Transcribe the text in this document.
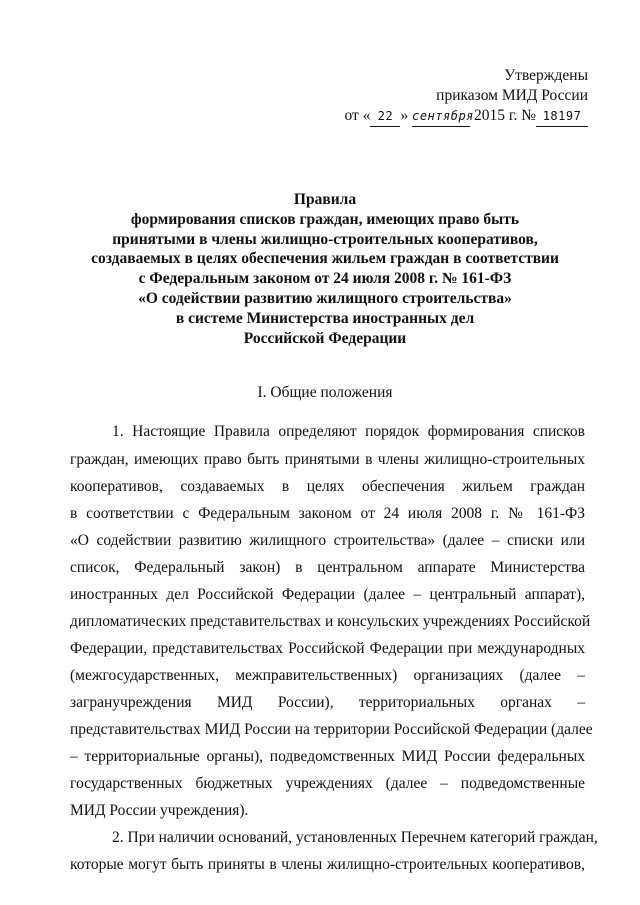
Утверждены
приказом МИД России
от « 22 » сентября 2015 г. № 18197
Правила
формирования списков граждан, имеющих право быть
принятыми в члены жилищно-строительных кооперативов,
создаваемых в целях обеспечения жильем граждан в соответствии
с Федеральным законом от 24 июля 2008 г. № 161-ФЗ
«О содействии развитию жилищного строительства»
в системе Министерства иностранных дел
Российской Федерации
I. Общие положения
1. Настоящие Правила определяют порядок формирования списков
граждан, имеющих право быть принятыми в члены жилищно-строительных
кооперативов, создаваемых в целях обеспечения жильем граждан
в соответствии с Федеральным законом от 24 июля 2008 г. № 161-ФЗ
«О содействии развитию жилищного строительства» (далее – списки или
список, Федеральный закон) в центральном аппарате Министерства
иностранных дел Российской Федерации (далее – центральный аппарат),
дипломатических представительствах и консульских учреждениях Российской
Федерации, представительствах Российской Федерации при международных
(межгосударственных, межправительственных) организациях (далее –
загранучреждения МИД России), территориальных органах –
представительствах МИД России на территории Российской Федерации (далее
– территориальные органы), подведомственных МИД России федеральных
государственных бюджетных учреждениях (далее – подведомственные
МИД России учреждения).
2. При наличии оснований, установленных Перечнем категорий граждан,
которые могут быть приняты в члены жилищно-строительных кооперативов,
